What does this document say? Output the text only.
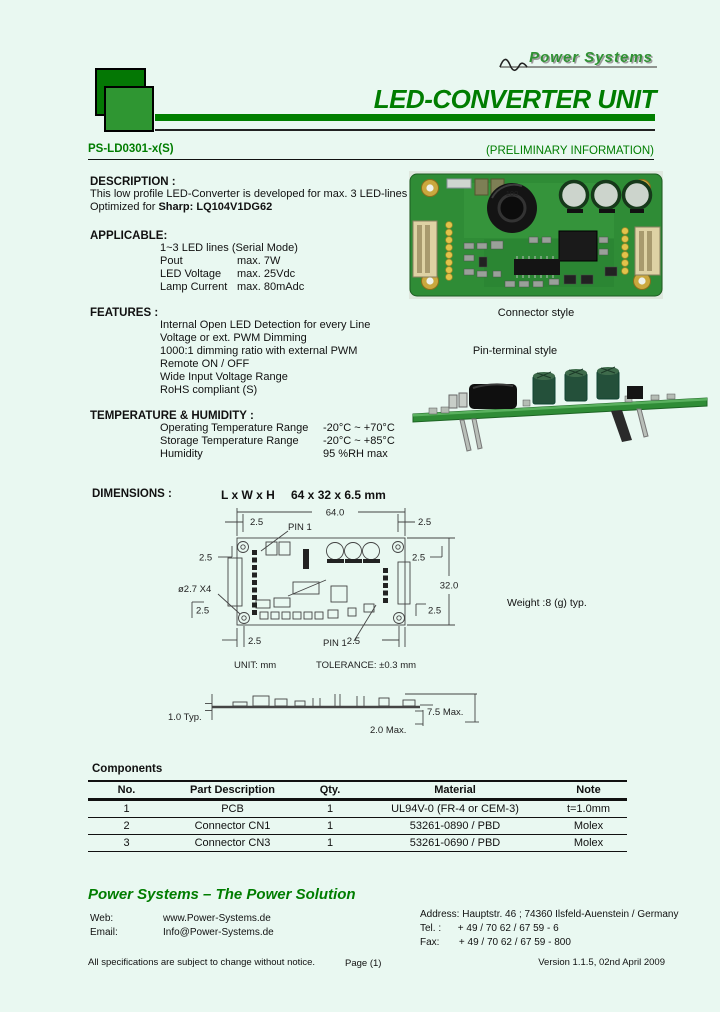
Power Systems
LED-CONVERTER UNIT
PS-LD0301-x(S)	(PRELIMINARY INFORMATION)
DESCRIPTION :
This low profile LED-Converter is developed for max. 3 LED-lines
Optimized for Sharp: LQ104V1DG62
APPLICABLE:
1~3 LED lines (Serial Mode)
Pout	max. 7W
LED Voltage	max. 25Vdc
Lamp Current max. 80mAdc
FEATURES :
Internal Open LED Detection for every Line
Voltage or ext. PWM Dimming
1000:1 dimming ratio with external PWM
Remote ON / OFF
Wide Input Voltage Range
RoHS compliant (S)
TEMPERATURE & HUMIDITY :
Operating Temperature Range	-20°C ~ +70°C
Storage Temperature Range	-20°C ~ +85°C
Humidity	95 %RH max
100
Connector style
Pin-terminal style
DIMENSIONS :	L x W x H 64 x 32 x 6.5 mm
Weight :8 (g) typ.
64.0
2.5	2.5
2.5	2.5
32.0
2.5
2.5
ø2.7 X4
2.5	2.5
PIN 1
PIN 1
UNIT: mm	TOLERANCE: ±0.3 mm
1.0 Typ.
2.0 Max.
7.5 Max.
Components
No.	Part Description	Qty.	Material	Note
1	PCB	1	UL94V-0 (FR-4 or CEM-3)	t=1.0mm
2	Connector CN1	1	53261-0890 / PBD	Molex
3	Connector CN3	1	53261-0690 / PBD	Molex
Power Systems – The Power Solution
Web:	www.Power-Systems.de
Email:	Info@Power-Systems.de
Address: Hauptstr. 46 ; 74360 Ilsfeld-Auenstein / Germany
Tel. :      + 49 / 70 62 / 67 59 - 6
Fax:       + 49 / 70 62 / 67 59 - 800
All specifications are subject to change without notice.	Page (1)	Version 1.1.5, 02nd April 2009
